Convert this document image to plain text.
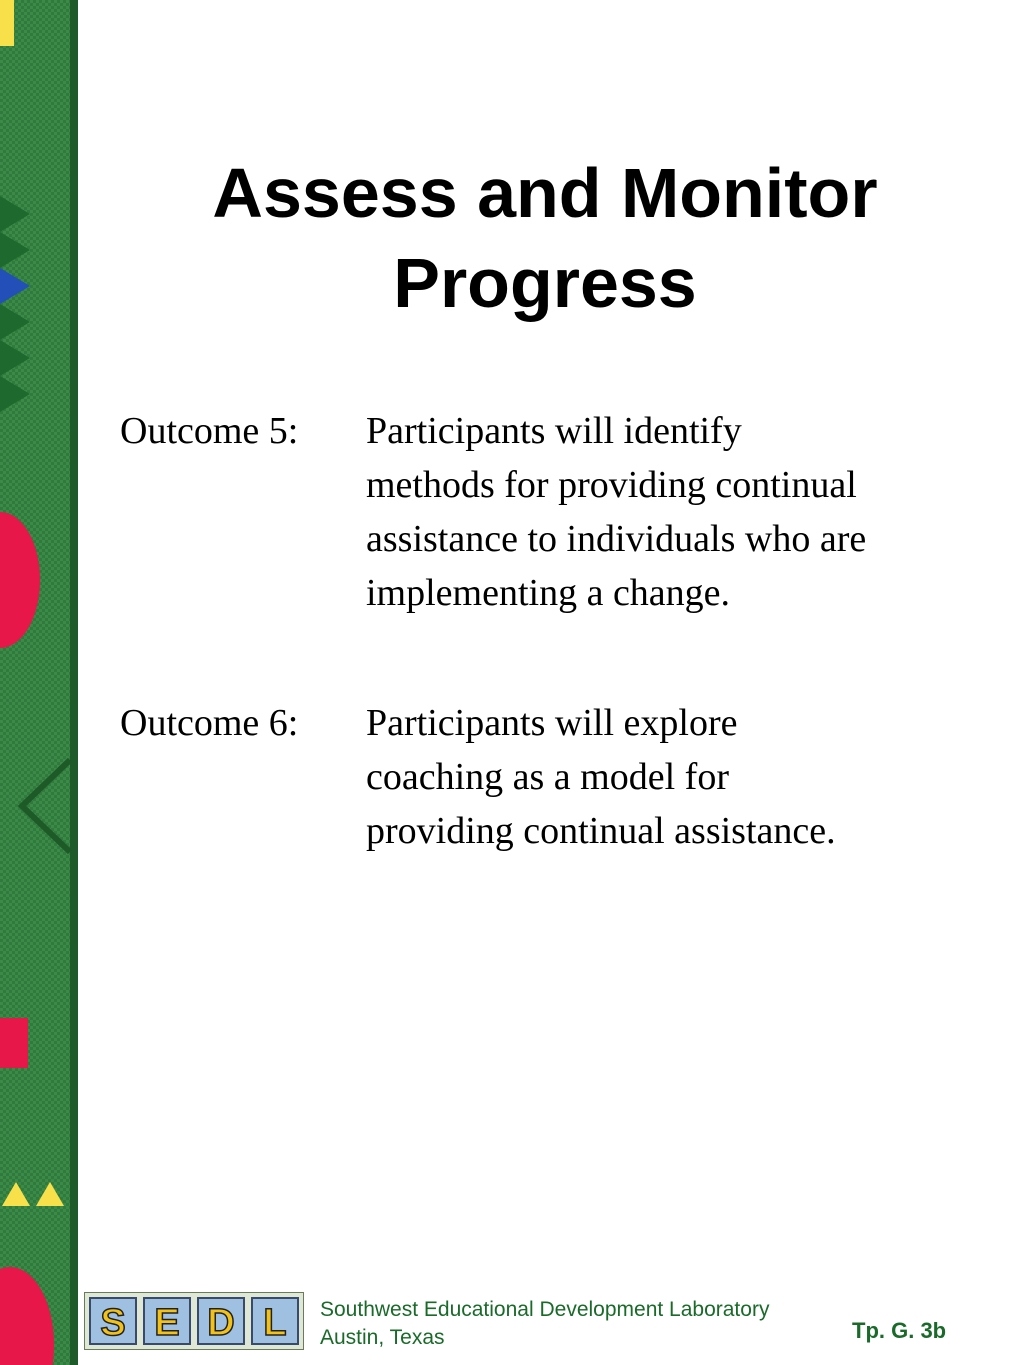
Assess and Monitor
Progress
Outcome 5: Participants will identify
methods for providing continual
assistance to individuals who are
implementing a change.
Outcome 6: Participants will explore
coaching as a model for
providing continual assistance.
S E D L Southwest Educational Development Laboratory
Austin, Texas	Tp. G. 3b
